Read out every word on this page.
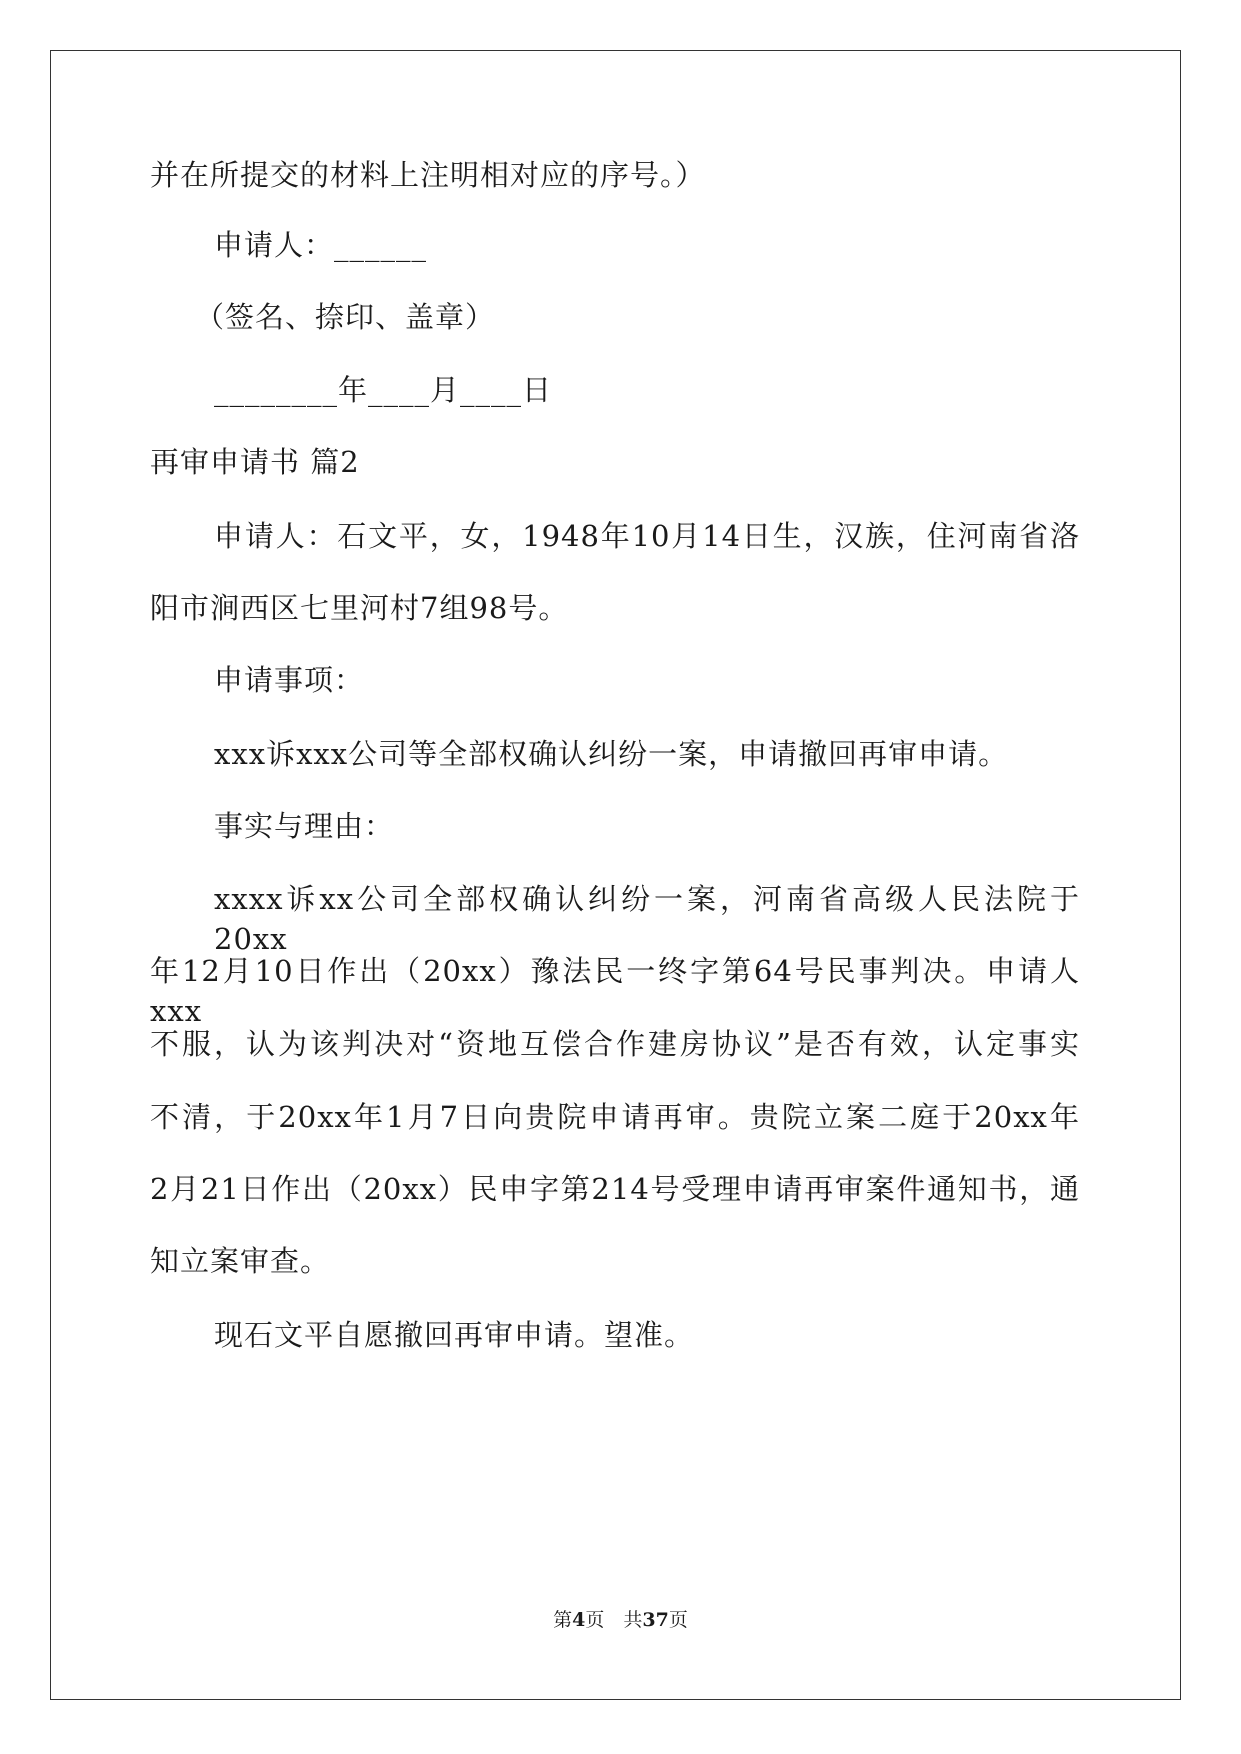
并在所提交的材料上注明相对应的序号。）
申请人：______
（签名、捺印、盖章）
________年____月____日
再审申请书 篇2
申请人：石文平，女，1948年10月14日生，汉族，住河南省洛
阳市涧西区七里河村7组98号。
申请事项：
xxx诉xxx公司等全部权确认纠纷一案，申请撤回再审申请。
事实与理由：
xxxx诉xx公司全部权确认纠纷一案，河南省高级人民法院于20xx
年12月10日作出（20xx）豫法民一终字第64号民事判决。申请人xxx
不服，认为该判决对“资地互偿合作建房协议”是否有效，认定事实
不清，于20xx年1月7日向贵院申请再审。贵院立案二庭于20xx年
2月21日作出（20xx）民申字第214号受理申请再审案件通知书，通
知立案审查。
现石文平自愿撤回再审申请。望准。
第4页　共37页
